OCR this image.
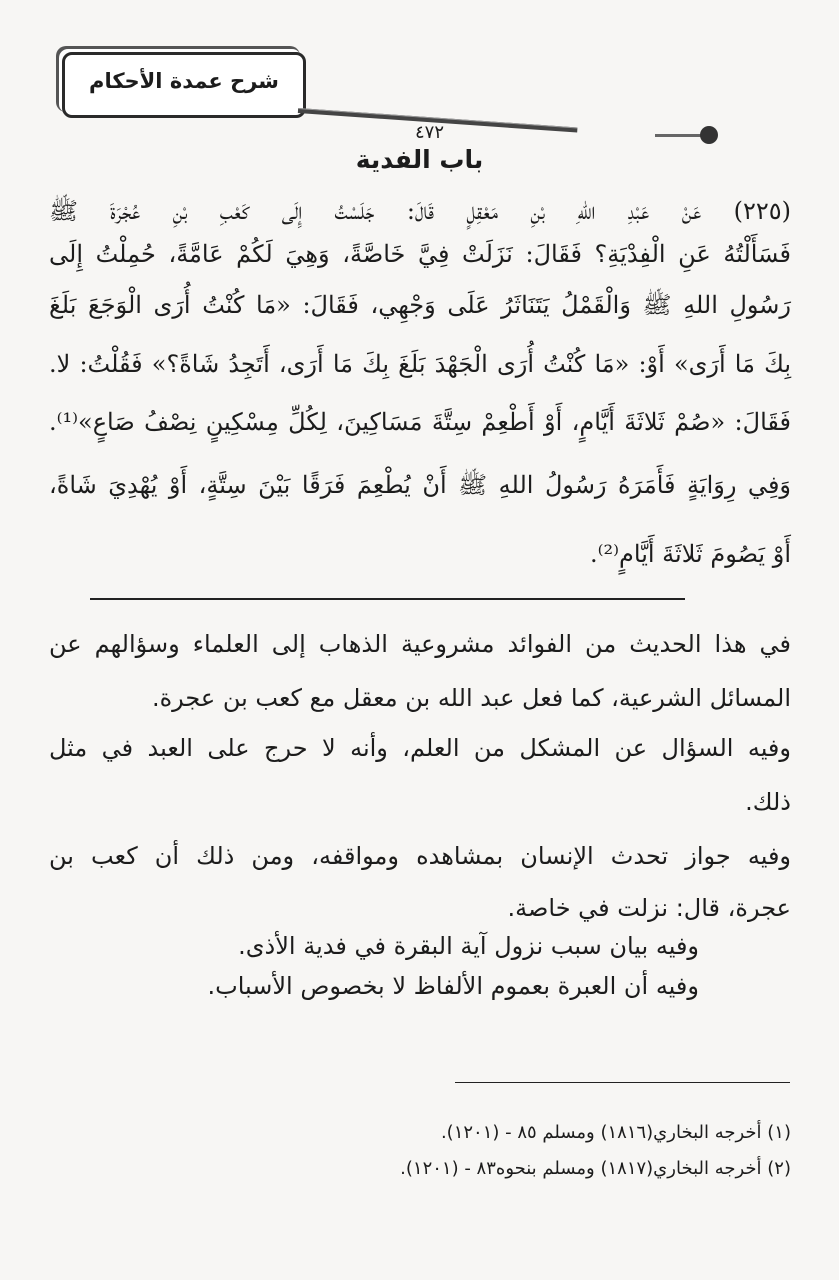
شرح عمدة الأحكام
٤٧٢
باب الفدية
(٢٢٥) عَنْ عَبْدِ اللهِ بْنِ مَعْقِلٍ قَالَ: جَلَسْتُ إِلَى كَعْبِ بْنِ عُجْرَةَ ﷺ
فَسَأَلْتُهُ عَنِ الْفِدْيَةِ؟ فَقَالَ: نَزَلَتْ فِيَّ خَاصَّةً، وَهِيَ لَكُمْ عَامَّةً، حُمِلْتُ إِلَى
رَسُولِ اللهِ ﷺ وَالْقَمْلُ يَتَنَاثَرُ عَلَى وَجْهِي، فَقَالَ: «مَا كُنْتُ أُرَى الْوَجَعَ بَلَغَ
بِكَ مَا أَرَى» أَوْ: «مَا كُنْتُ أُرَى الْجَهْدَ بَلَغَ بِكَ مَا أَرَى، أَتَجِدُ شَاةً؟» فَقُلْتُ: لا.
فَقَالَ: «صُمْ ثَلاثَةَ أَيَّامٍ، أَوْ أَطْعِمْ سِتَّةَ مَسَاكِينَ، لِكُلِّ مِسْكِينٍ نِصْفُ صَاعٍ»⁽¹⁾.
وَفِي رِوَايَةٍ فَأَمَرَهُ رَسُولُ اللهِ ﷺ أَنْ يُطْعِمَ فَرَقًا بَيْنَ سِتَّةٍ، أَوْ يُهْدِيَ شَاةً،
أَوْ يَصُومَ ثَلاثَةَ أَيَّامٍ⁽²⁾.
في هذا الحديث من الفوائد مشروعية الذهاب إلى العلماء وسؤالهم عن
المسائل الشرعية، كما فعل عبد الله بن معقل مع كعب بن عجرة.
وفيه السؤال عن المشكل من العلم، وأنه لا حرج على العبد في مثل
ذلك.
وفيه جواز تحدث الإنسان بمشاهده ومواقفه، ومن ذلك أن كعب بن
عجرة، قال: نزلت في خاصة.
وفيه بيان سبب نزول آية البقرة في فدية الأذى.
وفيه أن العبرة بعموم الألفاظ لا بخصوص الأسباب.
(١) أخرجه البخاري(١٨١٦) ومسلم ٨٥ - (١٢٠١).
(٢) أخرجه البخاري(١٨١٧) ومسلم بنحوه٨٣ - (١٢٠١).
